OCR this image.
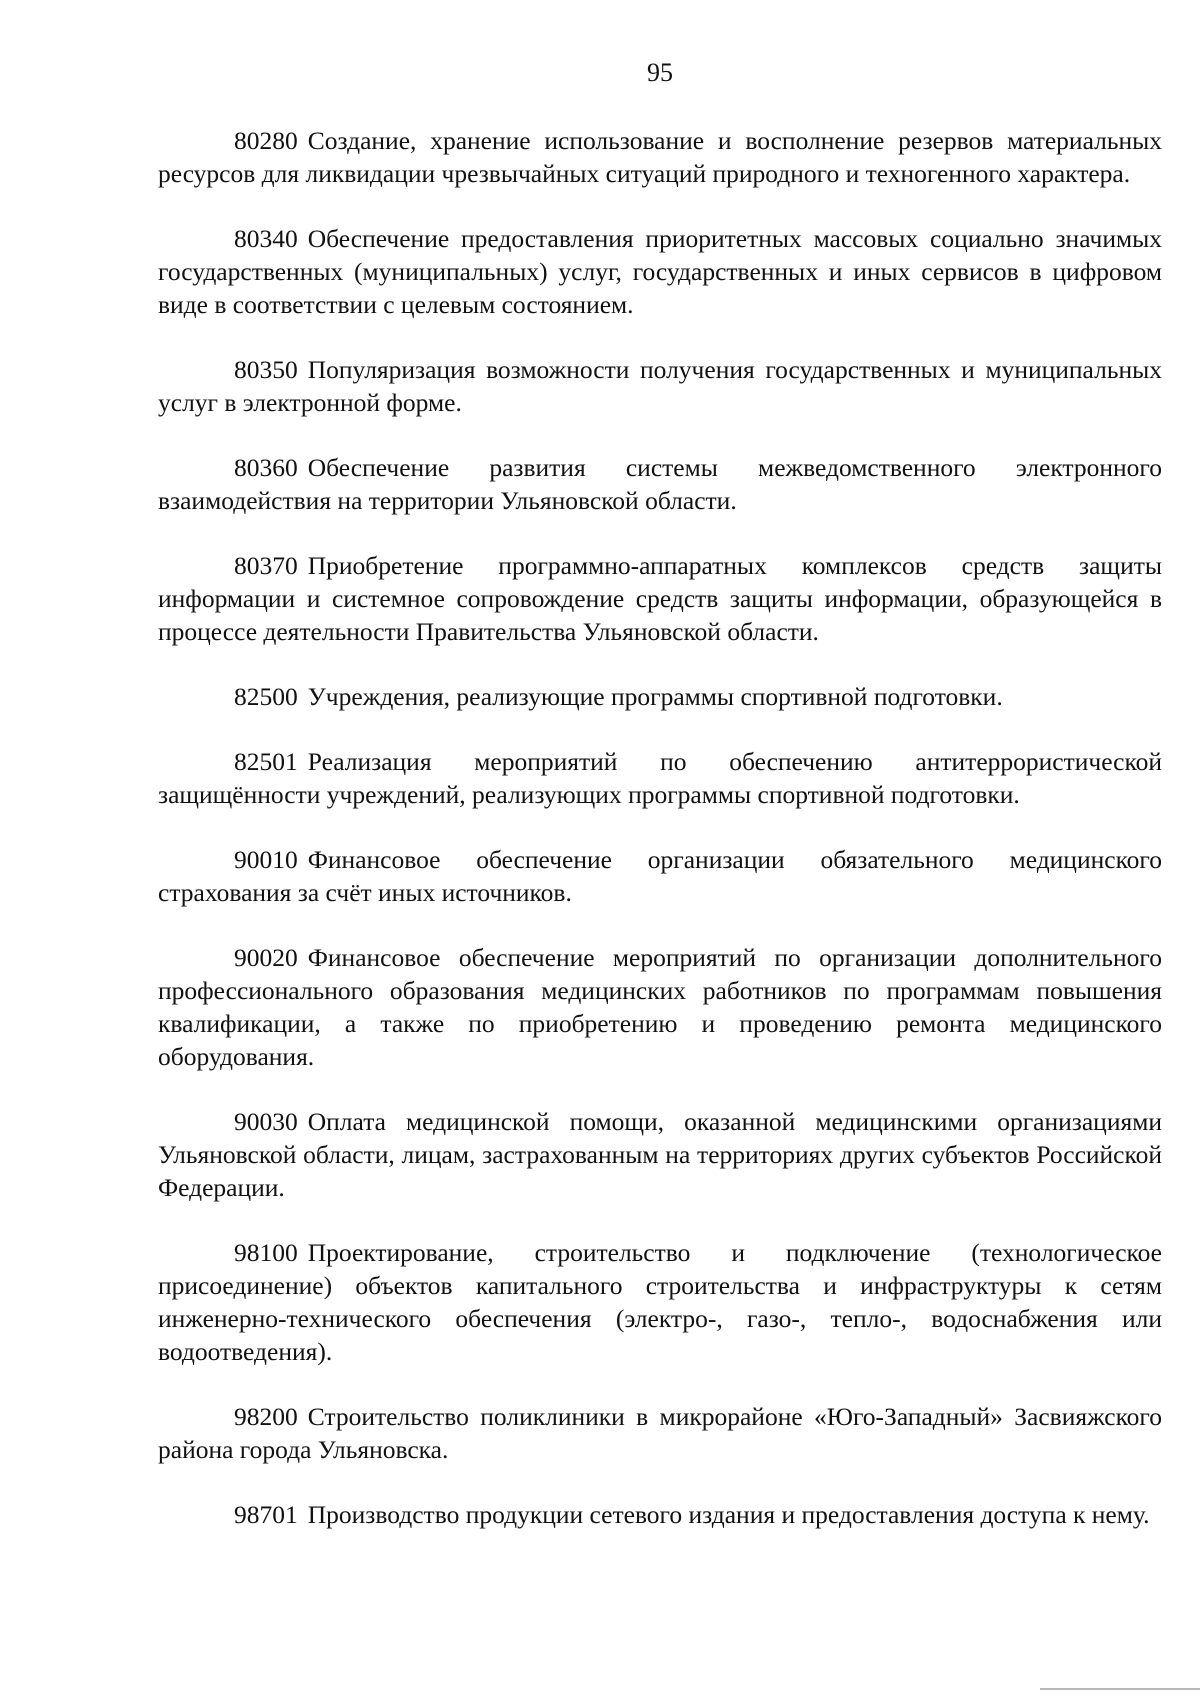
95

80280 Создание, хранение использование и восполнение резервов материальных ресурсов для ликвидации чрезвычайных ситуаций природного и техногенного характера.

80340 Обеспечение предоставления приоритетных массовых социально значимых государственных (муниципальных) услуг, государственных и иных сервисов в цифровом виде в соответствии с целевым состоянием.

80350 Популяризация возможности получения государственных и муниципальных услуг в электронной форме.

80360 Обеспечение развития системы межведомственного электронного взаимодействия на территории Ульяновской области.

80370 Приобретение программно-аппаратных комплексов средств защиты информации и системное сопровождение средств защиты информации, образующейся в процессе деятельности Правительства Ульяновской области.

82500 Учреждения, реализующие программы спортивной подготовки.

82501 Реализация мероприятий по обеспечению антитеррористической защищённости учреждений, реализующих программы спортивной подготовки.

90010 Финансовое обеспечение организации обязательного медицинского страхования за счёт иных источников.

90020 Финансовое обеспечение мероприятий по организации дополнительного профессионального образования медицинских работников по программам повышения квалификации, а также по приобретению и проведению ремонта медицинского оборудования.

90030 Оплата медицинской помощи, оказанной медицинскими организациями Ульяновской области, лицам, застрахованным на территориях других субъектов Российской Федерации.

98100 Проектирование, строительство и подключение (технологическое присоединение) объектов капитального строительства и инфраструктуры к сетям инженерно-технического обеспечения (электро-, газо-, тепло-, водоснабжения или водоотведения).

98200 Строительство поликлиники в микрорайоне «Юго-Западный» Засвияжского района города Ульяновска.

98701 Производство продукции сетевого издания и предоставления доступа к нему.
